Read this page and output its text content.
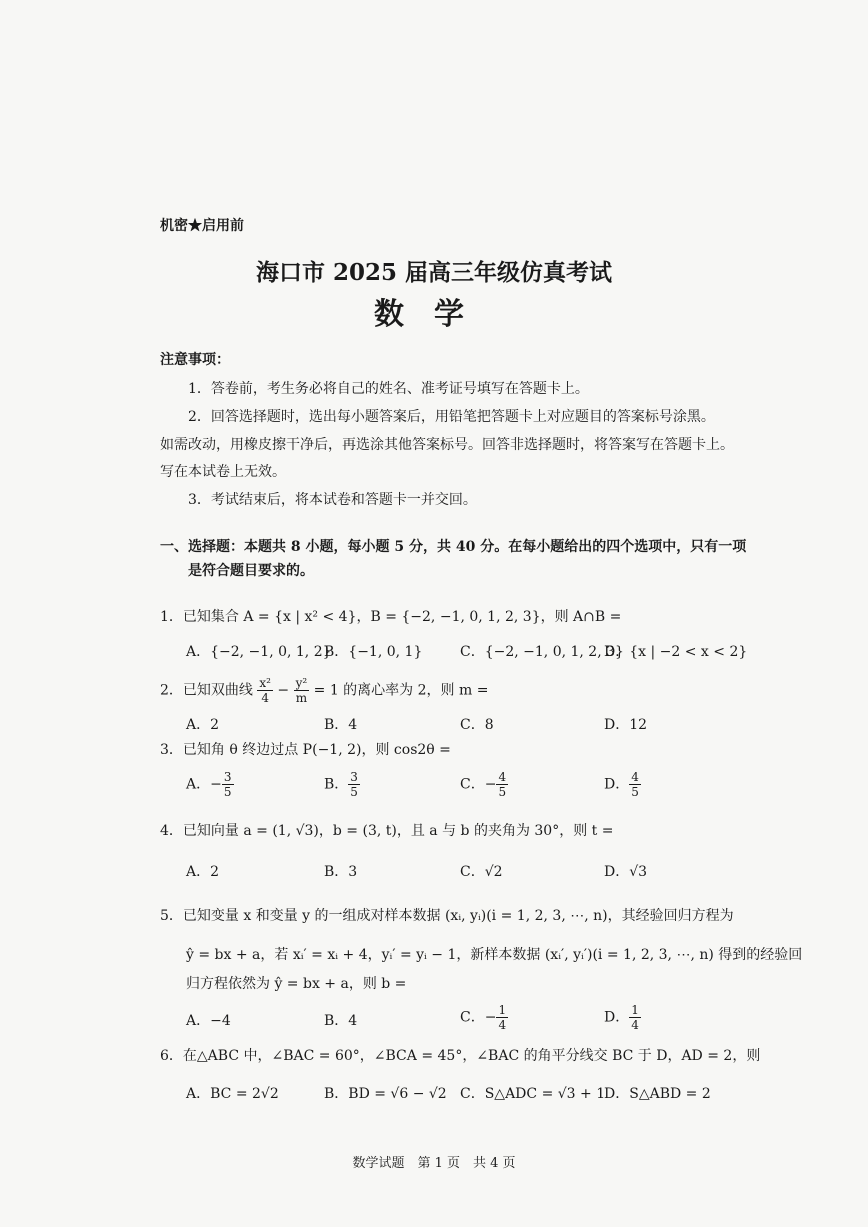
机密★启用前
海口市 2025 届高三年级仿真考试
数学
注意事项：
1．答卷前，考生务必将自己的姓名、准考证号填写在答题卡上。
2．回答选择题时，选出每小题答案后，用铅笔把答题卡上对应题目的答案标号涂黑。
如需改动，用橡皮擦干净后，再选涂其他答案标号。回答非选择题时，将答案写在答题卡上。
写在本试卷上无效。
3．考试结束后，将本试卷和答题卡一并交回。
一、选择题：本题共 8 小题，每小题 5 分，共 40 分。在每小题给出的四个选项中，只有一项
是符合题目要求的。
1．已知集合 A = {x | x² < 4}，B = {−2, −1, 0, 1, 2, 3}，则 A∩B =
A．{−2, −1, 0, 1, 2}
B．{−1, 0, 1}	C．{−2, −1, 0, 1, 2, 3}
D．{x | −2 < x < 2}
2．已知双曲线 $\frac{\text{x²}}{4} - \frac{\text{y²}}{m} = 1$ 的离心率为 2，则 m =
A．2	B．4	C．8	D．12
3．已知角 θ 终边过点 P(−1, 2)，则 cos2θ =
A．− $\frac{3}{5}$	B． $\frac{3}{5}$	C．− $\frac{4}{5}$	D． $\frac{4}{5}$
4．已知向量 a = (1, √3)，b = (3, t)，且 a 与 b 的夹角为 30°，则 t =
A．2	B．3	C．√2	D．√3
5．已知变量 x 和变量 y 的一组成对样本数据 (xᵢ, yᵢ)(i = 1, 2, 3, ⋯, n)，其经验回归方程为
ŷ = bx + a，若 xᵢ′ = xᵢ + 4，yᵢ′ = yᵢ − 1，新样本数据 (xᵢ′, yᵢ′)(i = 1, 2, 3, ⋯, n) 得到的经验回
归方程依然为 ŷ = bx + a，则 b =
A．−4	B．4	C．− $\frac{1}{4}$	D． $\frac{1}{4}$
6．在△ABC 中，∠BAC = 60°，∠BCA = 45°，∠BAC 的角平分线交 BC 于 D，AD = 2，则
A．BC = 2√2	B．BD = √6 − √2 C．S△ADC = √3 + 1
D．S△ABD = 2
数学试题　第 1 页　共 4 页
